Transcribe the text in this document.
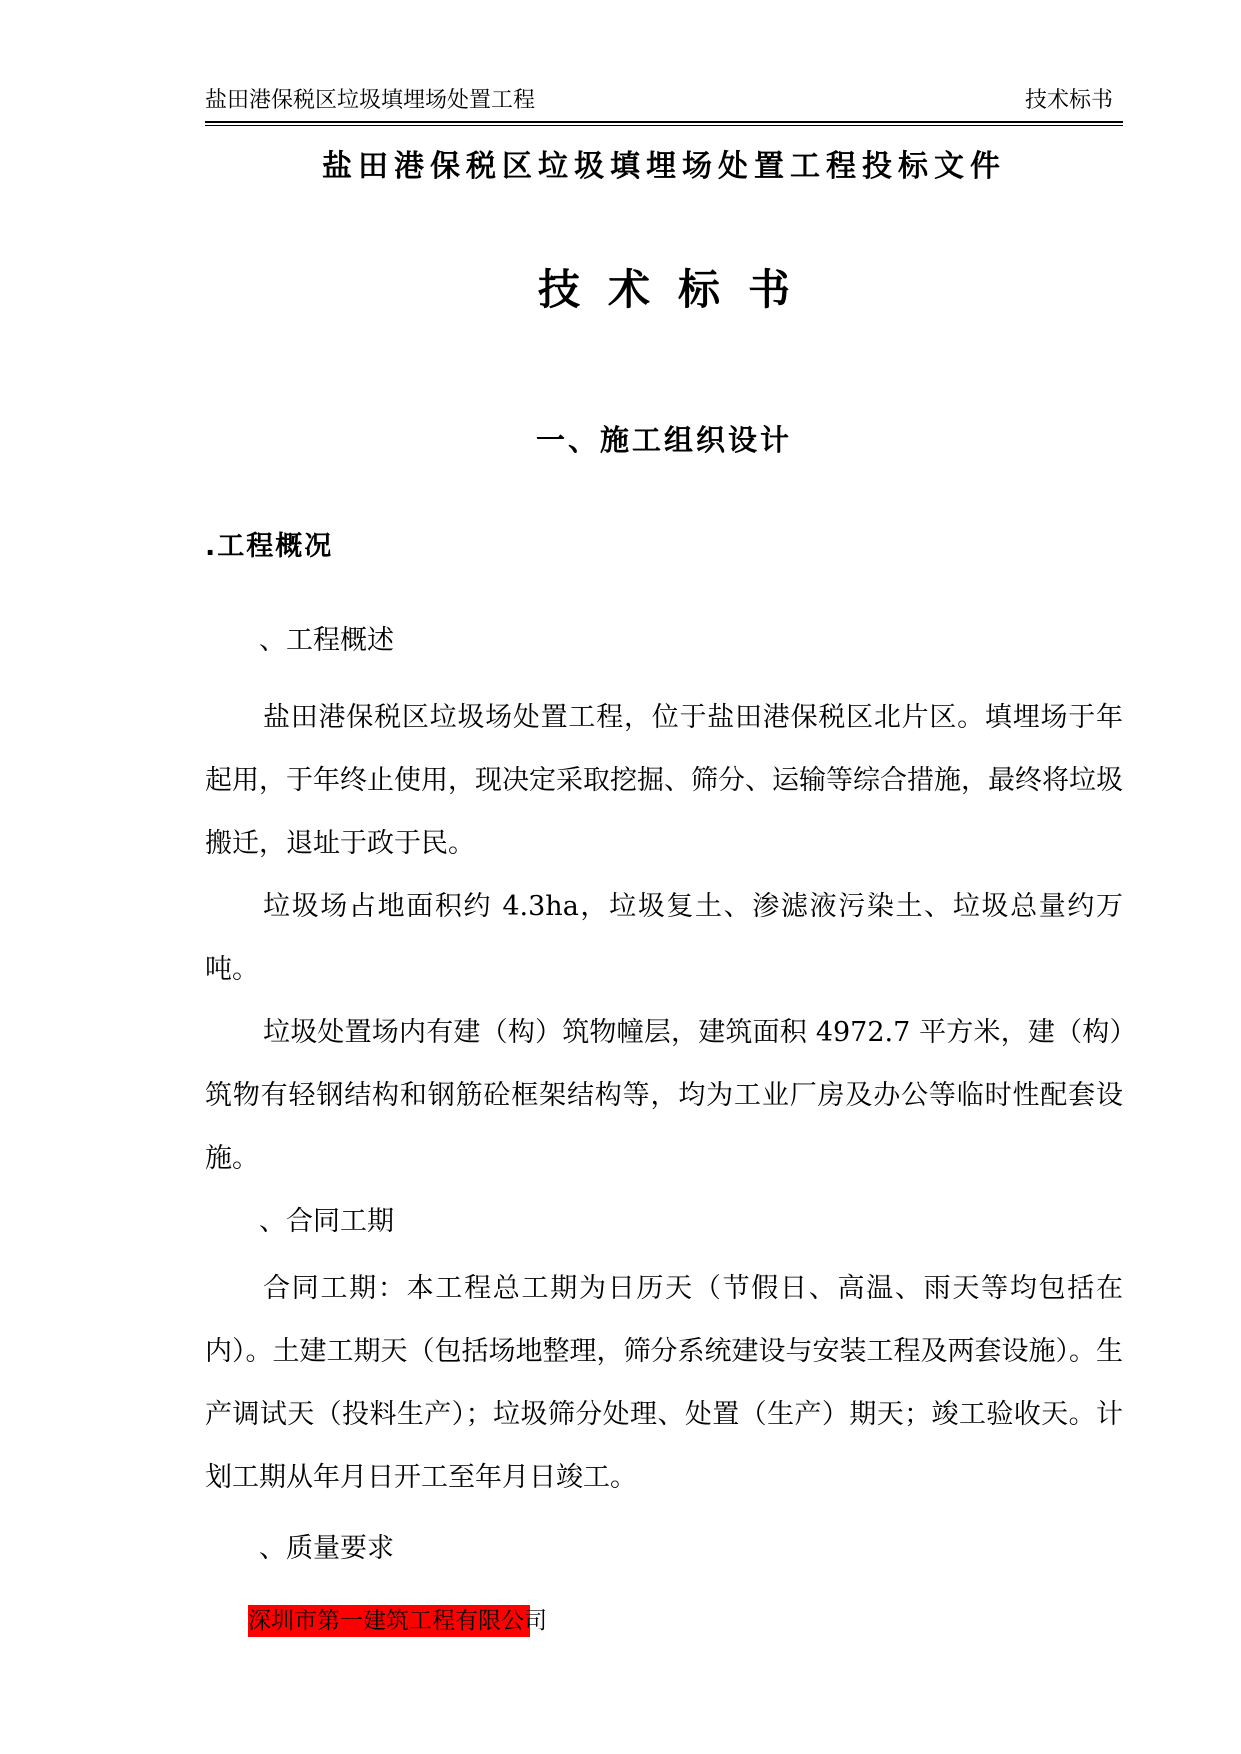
盐田港保税区垃圾填埋场处置工程	技术标书
盐田港保税区垃圾填埋场处置工程投标文件
技术标书
一、施工组织设计
.工程概况
、工程概述

盐田港保税区垃圾场处置工程，位于盐田港保税区北片区。填埋场于年起用，于年终止使用，现决定采取挖掘、筛分、运输等综合措施，最终将垃圾搬迁，退址于政于民。

垃圾场占地面积约 4.3ha，垃圾复土、渗滤液污染土、垃圾总量约万吨。

垃圾处置场内有建（构）筑物幢层，建筑面积 4972.7 平方米，建（构）筑物有轻钢结构和钢筋砼框架结构等，均为工业厂房及办公等临时性配套设施。

、合同工期

合同工期：本工程总工期为日历天（节假日、高温、雨天等均包括在内）。土建工期天（包括场地整理，筛分系统建设与安装工程及两套设施）。生产调试天（投料生产）；垃圾筛分处理、处置（生产）期天；竣工验收天。计划工期从年月日开工至年月日竣工。

、质量要求
深圳市第一建筑工程有限公司
